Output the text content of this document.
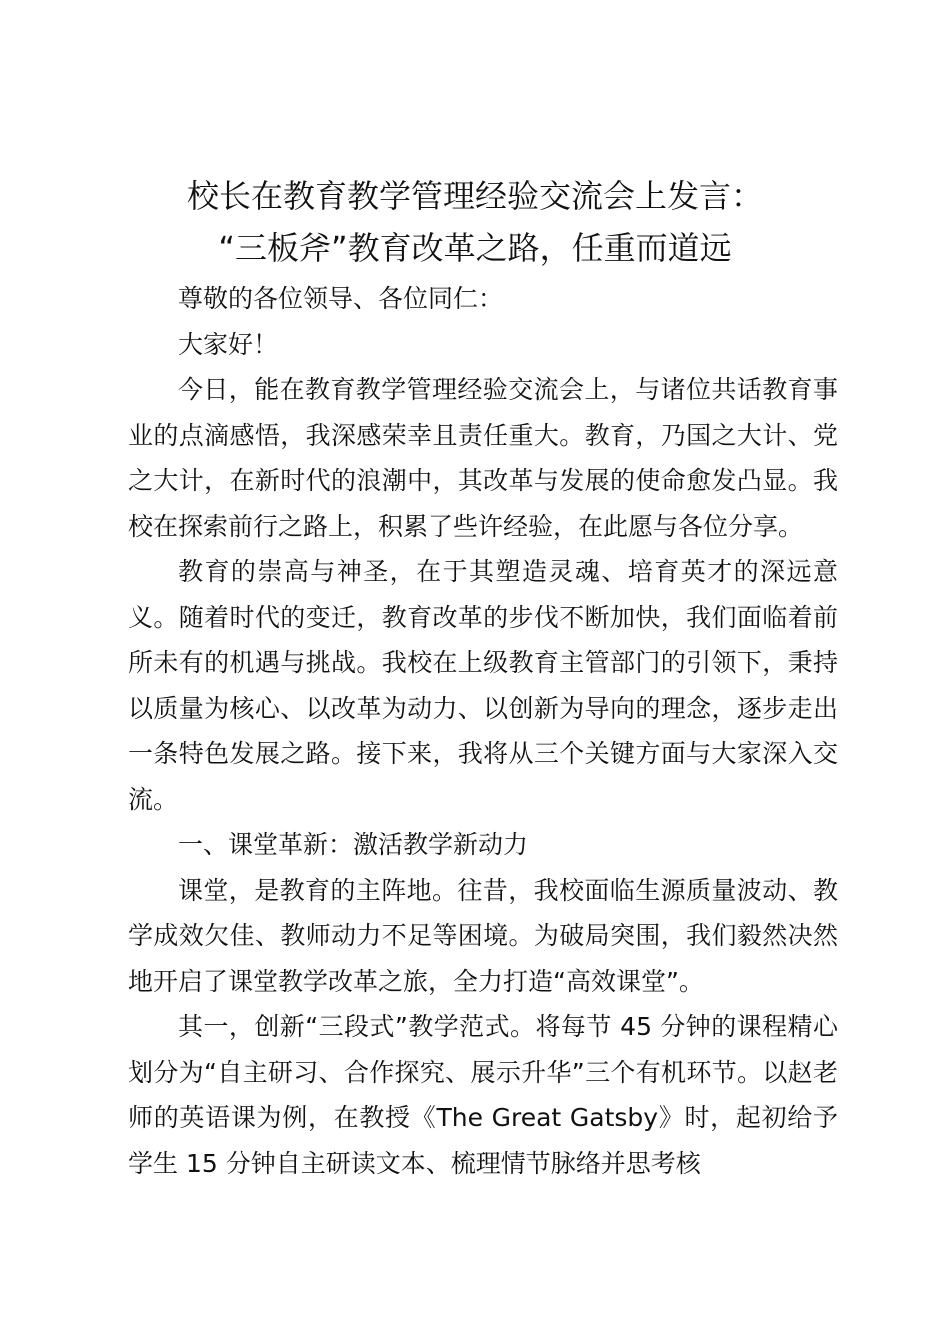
校长在教育教学管理经验交流会上发言：
“三板斧”教育改革之路，任重而道远

尊敬的各位领导、各位同仁：

大家好！

今日，能在教育教学管理经验交流会上，与诸位共话教育事业的点滴感悟，我深感荣幸且责任重大。教育，乃国之大计、党之大计，在新时代的浪潮中，其改革与发展的使命愈发凸显。我校在探索前行之路上，积累了些许经验，在此愿与各位分享。

教育的崇高与神圣，在于其塑造灵魂、培育英才的深远意义。随着时代的变迁，教育改革的步伐不断加快，我们面临着前所未有的机遇与挑战。我校在上级教育主管部门的引领下，秉持以质量为核心、以改革为动力、以创新为导向的理念，逐步走出一条特色发展之路。接下来，我将从三个关键方面与大家深入交流。

一、课堂革新：激活教学新动力

课堂，是教育的主阵地。往昔，我校面临生源质量波动、教学成效欠佳、教师动力不足等困境。为破局突围，我们毅然决然地开启了课堂教学改革之旅，全力打造“高效课堂”。

其一，创新“三段式”教学范式。将每节 45 分钟的课程精心划分为“自主研习、合作探究、展示升华”三个有机环节。以赵老师的英语课为例，在教授《The Great Gatsby》时，起初给予学生 15 分钟自主研读文本、梳理情节脉络并思考核
